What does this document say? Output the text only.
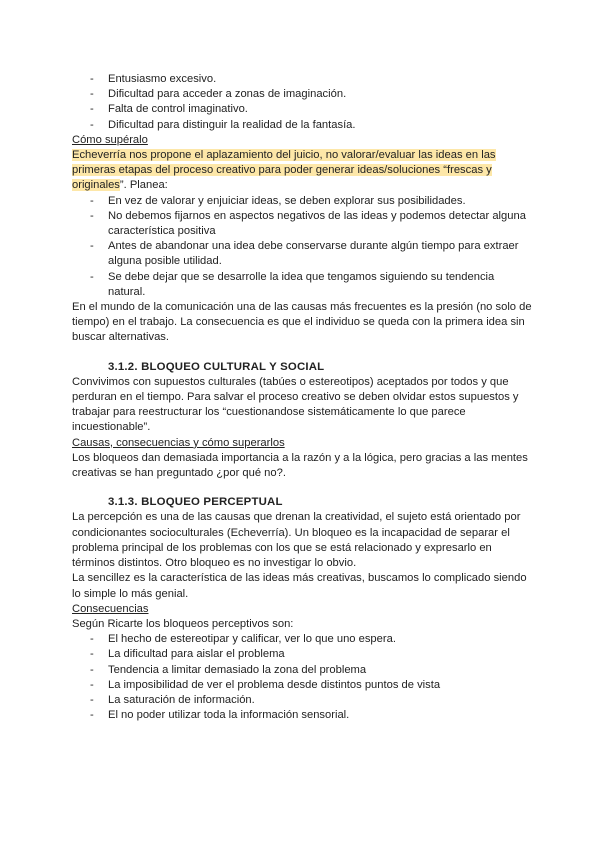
- Entusiasmo excesivo.
- Dificultad para acceder a zonas de imaginación.
- Falta de control imaginativo.
- Dificultad para distinguir la realidad de la fantasía.

Cómo supéralo

Echeverría nos propone el aplazamiento del juicio, no valorar/evaluar las ideas en las primeras etapas del proceso creativo para poder generar ideas/soluciones “frescas y originales”. Planea:

- En vez de valorar y enjuiciar ideas, se deben explorar sus posibilidades.
- No debemos fijarnos en aspectos negativos de las ideas y podemos detectar alguna característica positiva
- Antes de abandonar una idea debe conservarse durante algún tiempo para extraer alguna posible utilidad.
- Se debe dejar que se desarrolle la idea que tengamos siguiendo su tendencia natural.

En el mundo de la comunicación una de las causas más frecuentes es la presión (no solo de tiempo) en el trabajo. La consecuencia es que el individuo se queda con la primera idea sin buscar alternativas.

3.1.2. BLOQUEO CULTURAL Y SOCIAL

Convivimos con supuestos culturales (tabúes o estereotipos) aceptados por todos y que perduran en el tiempo. Para salvar el proceso creativo se deben olvidar estos supuestos y trabajar para reestructurar los “cuestionandose sistemáticamente lo que parece incuestionable”.

Causas, consecuencias y cómo superarlos

Los bloqueos dan demasiada importancia a la razón y a la lógica, pero gracias a las mentes creativas se han preguntado ¿por qué no?.

3.1.3. BLOQUEO PERCEPTUAL

La percepción es una de las causas que drenan la creatividad, el sujeto está orientado por condicionantes socioculturales (Echeverría). Un bloqueo es la incapacidad de separar el problema principal de los problemas con los que se está relacionado y expresarlo en términos distintos. Otro bloqueo es no investigar lo obvio.

La sencillez es la característica de las ideas más creativas, buscamos lo complicado siendo lo simple lo más genial.

Consecuencias

Según Ricarte los bloqueos perceptivos son:

- El hecho de estereotipar y calificar, ver lo que uno espera.
- La dificultad para aislar el problema
- Tendencia a limitar demasiado la zona del problema
- La imposibilidad de ver el problema desde distintos puntos de vista
- La saturación de información.
- El no poder utilizar toda la información sensorial.
